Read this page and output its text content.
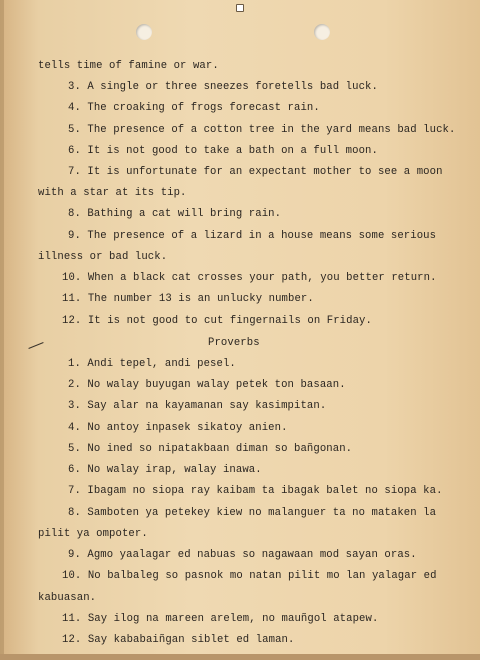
tells time of famine or war.
3. A single or three sneezes foretells bad luck.
4. The croaking of frogs forecast rain.
5. The presence of a cotton tree in the yard means bad luck.
6. It is not good to take a bath on a full moon.
7. It is unfortunate for an expectant mother to see a moon
with a star at its tip.
8. Bathing a cat will bring rain.
9. The presence of a lizard in a house means some serious
illness or bad luck.
10. When a black cat crosses your path, you better return.
11. The number 13 is an unlucky number.
12. It is not good to cut fingernails on Friday.
Proverbs
1. Andi tepel, andi pesel.
2. No walay buyugan walay petek ton basaan.
3. Say alar na kayamanan say kasimpitan.
4. No antoy inpasek sikatoy anien.
5. No ined so nipatakbaan diman so bañgonan.
6. No walay irap, walay inawa.
7. Ibagam no siopa ray kaibam ta ibagak balet no siopa ka.
8. Samboten ya petekey kiew no malanguer ta no mataken la
pilit ya ompoter.
9. Agmo yaalagar ed nabuas so nagawaan mod sayan oras.
10. No balbaleg so pasnok mo natan pilit mo lan yalagar ed
kabuasan.
11. Say ilog na mareen arelem, no mauñgol atapew.
12. Say kababaiñgan siblet ed laman.
